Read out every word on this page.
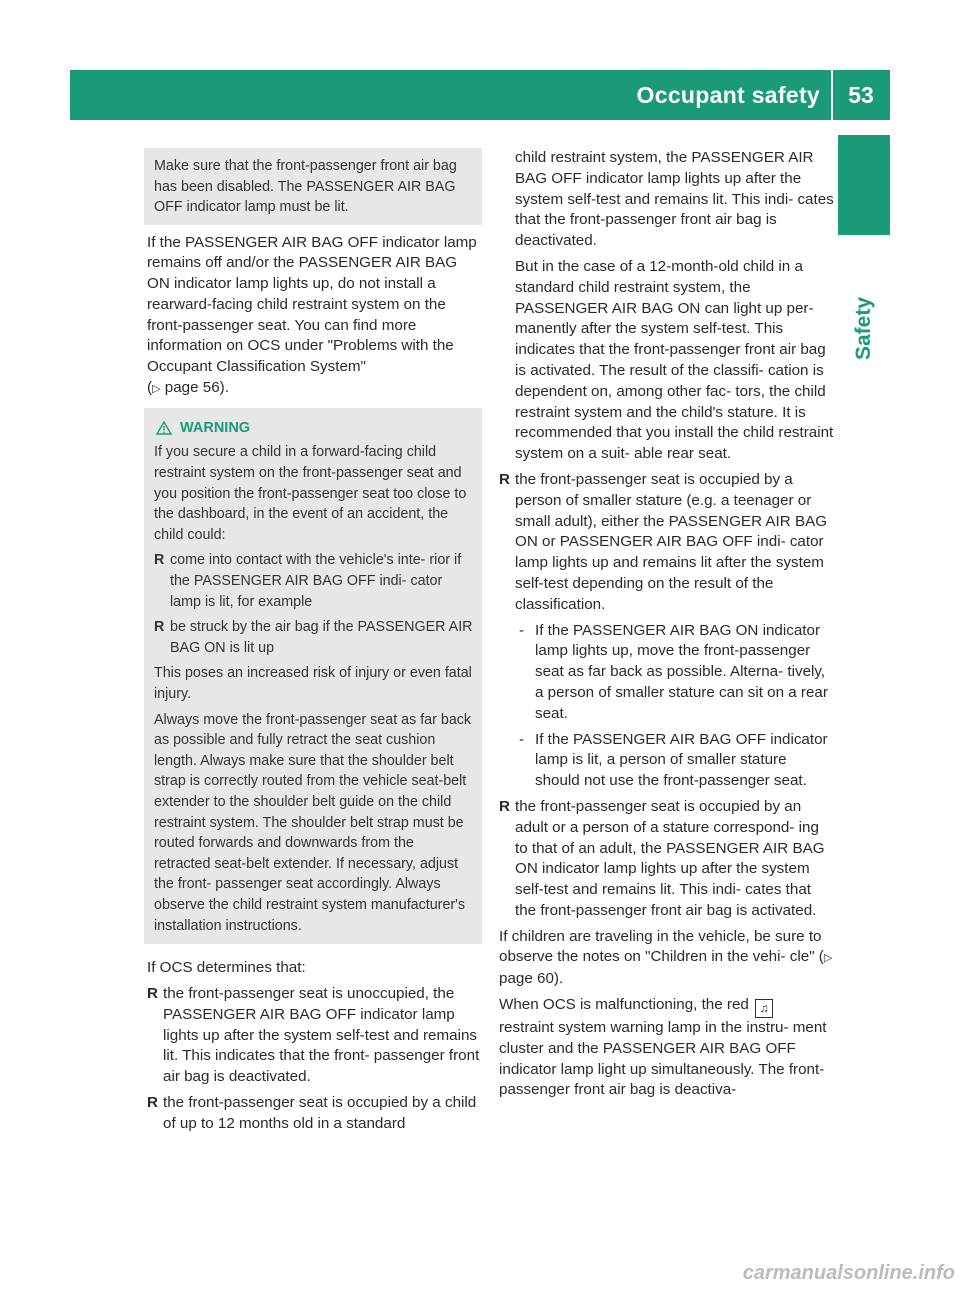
Occupant safety	53
Safety

Make sure that the front-passenger front air bag has been disabled. The PASSENGER AIR BAG OFF indicator lamp must be lit.

If the PASSENGER AIR BAG OFF indicator lamp remains off and/or the PASSENGER AIR BAG ON indicator lamp lights up, do not install a rearward-facing child restraint system on the front-passenger seat. You can find more information on OCS under "Problems with the Occupant Classification System"
(▷ page 56).

WARNING

If you secure a child in a forward-facing child restraint system on the front-passenger seat and you position the front-passenger seat too close to the dashboard, in the event of an accident, the child could:

R come into contact with the vehicle's inte- rior if the PASSENGER AIR BAG OFF indi- cator lamp is lit, for example
R be struck by the air bag if the PASSENGER AIR BAG ON is lit up

This poses an increased risk of injury or even fatal injury.

Always move the front-passenger seat as far back as possible and fully retract the seat cushion length. Always make sure that the shoulder belt strap is correctly routed from the vehicle seat-belt extender to the shoulder belt guide on the child restraint system. The shoulder belt strap must be routed forwards and downwards from the retracted seat-belt extender. If necessary, adjust the front- passenger seat accordingly. Always observe the child restraint system manufacturer's installation instructions.

If OCS determines that:

R the front-passenger seat is unoccupied, the PASSENGER AIR BAG OFF indicator lamp lights up after the system self-test and remains lit. This indicates that the front- passenger front air bag is deactivated.
R the front-passenger seat is occupied by a child of up to 12 months old in a standard

child restraint system, the PASSENGER AIR BAG OFF indicator lamp lights up after the system self-test and remains lit. This indi- cates that the front-passenger front air bag is deactivated.

But in the case of a 12-month-old child in a standard child restraint system, the PASSENGER AIR BAG ON can light up per- manently after the system self-test. This indicates that the front-passenger front air bag is activated. The result of the classifi- cation is dependent on, among other fac- tors, the child restraint system and the child's stature. It is recommended that you install the child restraint system on a suit- able rear seat.

R the front-passenger seat is occupied by a person of smaller stature (e.g. a teenager or small adult), either the PASSENGER AIR BAG ON or PASSENGER AIR BAG OFF indi- cator lamp lights up and remains lit after the system self-test depending on the result of the classification.
- If the PASSENGER AIR BAG ON indicator lamp lights up, move the front-passenger seat as far back as possible. Alterna- tively, a person of smaller stature can sit on a rear seat.
- If the PASSENGER AIR BAG OFF indicator lamp is lit, a person of smaller stature should not use the front-passenger seat.
R the front-passenger seat is occupied by an adult or a person of a stature correspond- ing to that of an adult, the PASSENGER AIR BAG ON indicator lamp lights up after the system self-test and remains lit. This indi- cates that the front-passenger front air bag is activated.

If children are traveling in the vehicle, be sure to observe the notes on "Children in the vehi- cle" (▷ page 60).

When OCS is malfunctioning, the red ♫
restraint system warning lamp in the instru- ment cluster and the PASSENGER AIR BAG OFF indicator lamp light up simultaneously. The front-passenger front air bag is deactiva-

carmanualsonline.info
